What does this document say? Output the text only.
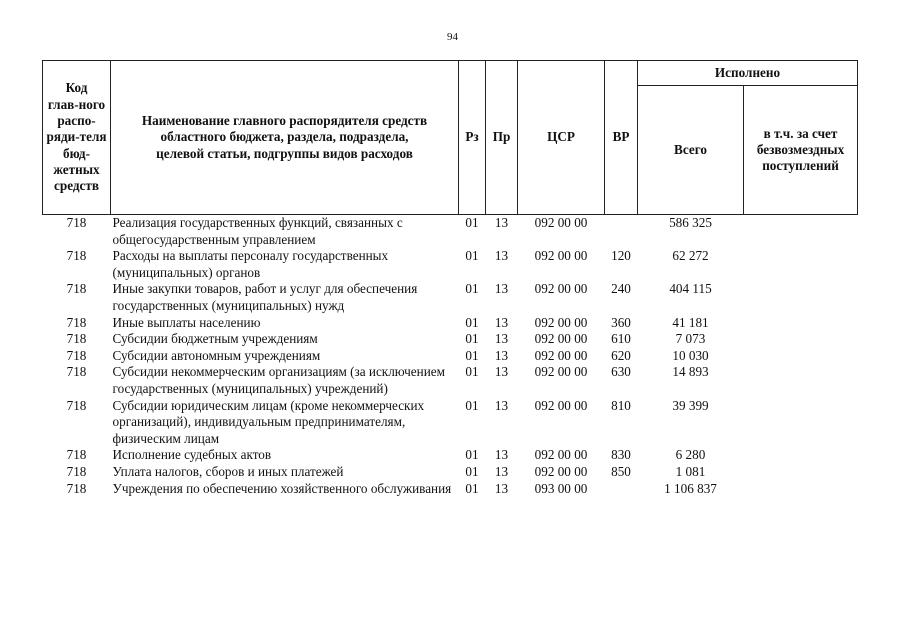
94
Код
глав-ного
распо-ряди-теля
бюд-жетных
средств	Наименование главного распорядителя средств областного бюджета, раздела, подраздела, целевой статьи, подгруппы видов расходов	Рз	Пр	ЦСР	ВР	Исполнено	
						Всего	в т.ч. за счет безвозмездных поступлений
718	Реализация государственных функций, связанных с общегосударственным управлением	01	13	092 00 00		586 325	
718	Расходы на выплаты персоналу государственных (муниципальных) органов	01	13	092 00 00	120	62 272	
718	Иные закупки товаров, работ и услуг для обеспечения государственных (муниципальных) нужд	01	13	092 00 00	240	404 115	
718	Иные выплаты населению	01	13	092 00 00	360	41 181	
718	Субсидии бюджетным учреждениям	01	13	092 00 00	610	7 073	
718	Субсидии автономным учреждениям	01	13	092 00 00	620	10 030	
718	Субсидии некоммерческим организациям (за исключением государственных (муниципальных) учреждений)	01	13	092 00 00	630	14 893	
718	Субсидии юридическим лицам (кроме некоммерческих организаций), индивидуальным предпринимателям, физическим лицам	01	13	092 00 00	810	39 399	
718	Исполнение судебных актов	01	13	092 00 00	830	6 280	
718	Уплата налогов, сборов и иных платежей	01	13	092 00 00	850	1 081	
718	Учреждения по обеспечению хозяйственного обслуживания	01	13	093 00 00		1 106 837	
